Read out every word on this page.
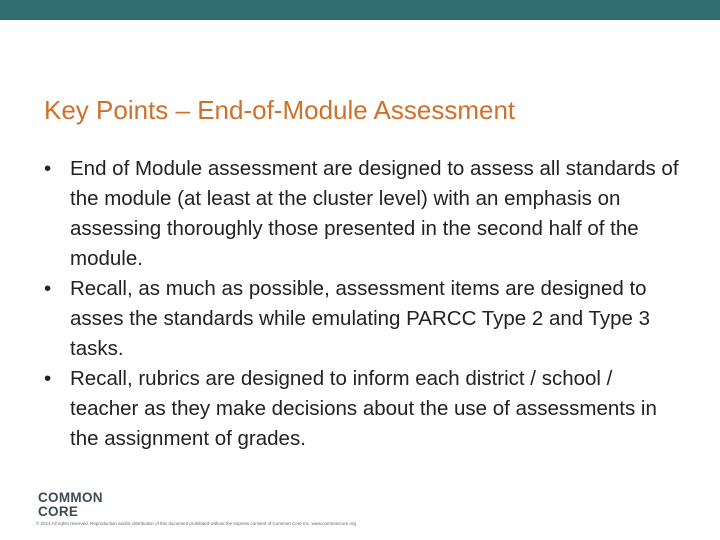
Key Points – End-of-Module Assessment
• End of Module assessment are designed to assess all standards of the module (at least at the cluster level) with an emphasis on assessing thoroughly those presented in the second half of the module.
• Recall, as much as possible, assessment items are designed to asses the standards while emulating PARCC Type 2 and Type 3 tasks.
• Recall, rubrics are designed to inform each district / school / teacher as they make decisions about the use of assessments in the assignment of grades.
COMMON
CORE
© 2014 All rights reserved. Reproduction and/or distribution of this document prohibited without the express consent of Common Core Inc. www.commoncore.org
